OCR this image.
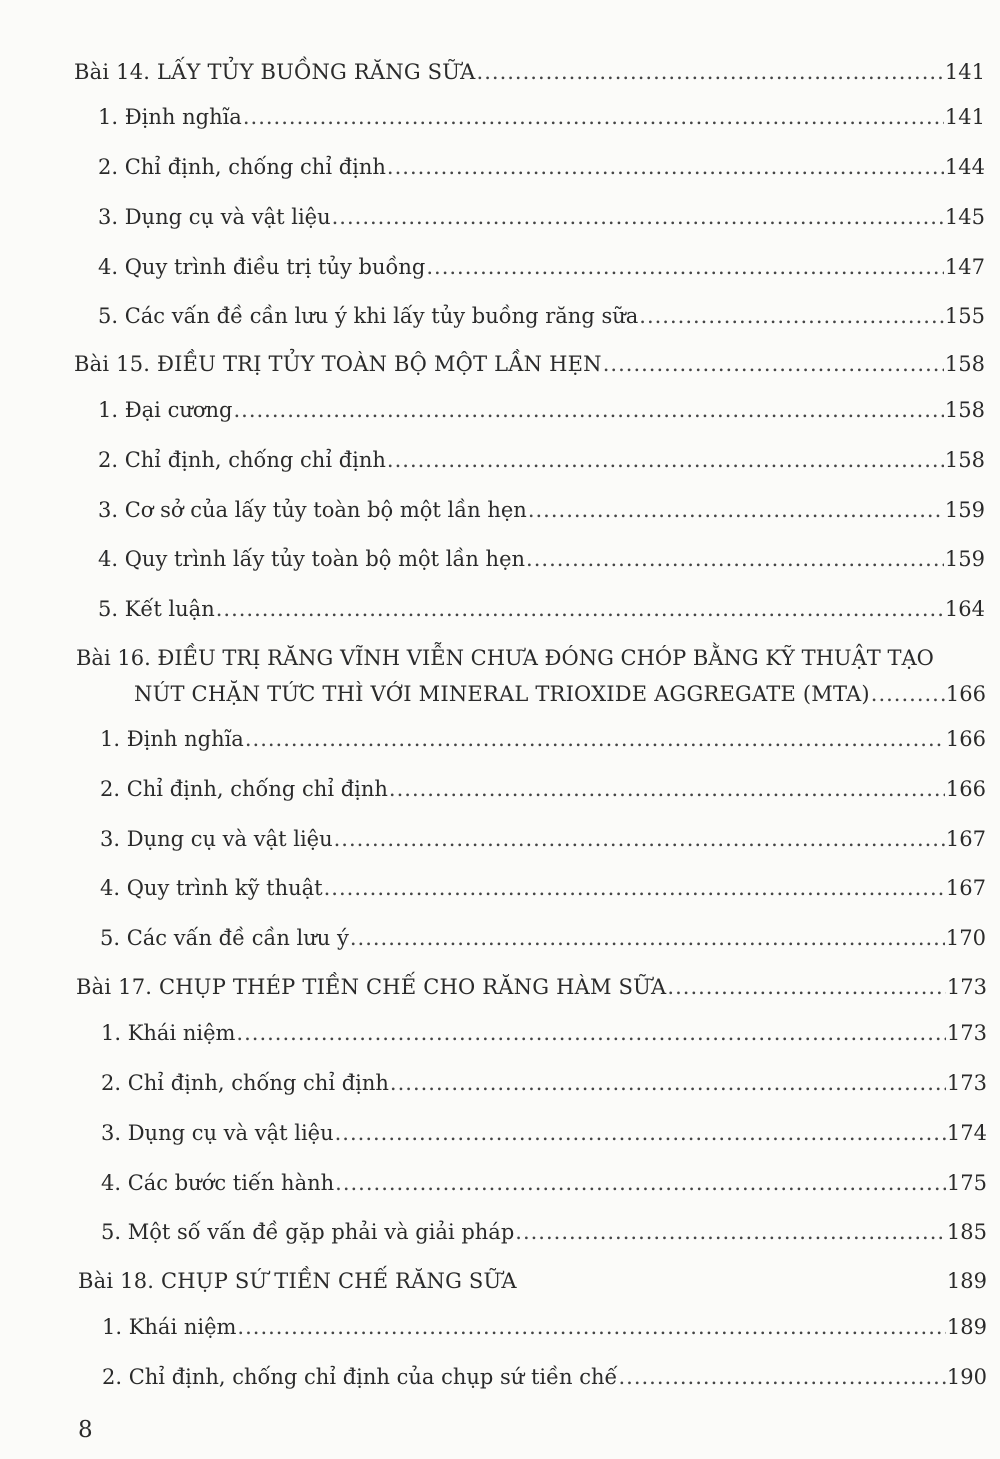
Bài 14. LẤY TỦY BUỒNG RĂNG SỮA .....	141
1. Định nghĩa .....	141
2. Chỉ định, chống chỉ định .....	144
3. Dụng cụ và vật liệu .....	145
4. Quy trình điều trị tủy buồng .....	147
5. Các vấn đề cần lưu ý khi lấy tủy buồng răng sữa .....	155
Bài 15. ĐIỀU TRỊ TỦY TOÀN BỘ MỘT LẦN HẸN .....	158
1. Đại cương .....	158
2. Chỉ định, chống chỉ định .....	158
3. Cơ sở của lấy tủy toàn bộ một lần hẹn .....	159
4. Quy trình lấy tủy toàn bộ một lần hẹn .....	159
5. Kết luận .....	164
Bài 16. ĐIỀU TRỊ RĂNG VĨNH VIỄN CHƯA ĐÓNG CHÓP BẰNG KỸ THUẬT TẠO
NÚT CHẶN TỨC THÌ VỚI MINERAL TRIOXIDE AGGREGATE (MTA) .....	166
1. Định nghĩa .....	166
2. Chỉ định, chống chỉ định .....	166
3. Dụng cụ và vật liệu .....	167
4. Quy trình kỹ thuật .....	167
5. Các vấn đề cần lưu ý .....	170
Bài 17. CHỤP THÉP TIỀN CHẾ CHO RĂNG HÀM SỮA .....	173
1. Khái niệm .....	173
2. Chỉ định, chống chỉ định .....	173
3. Dụng cụ và vật liệu .....	174
4. Các bước tiến hành .....	175
5. Một số vấn đề gặp phải và giải pháp .....	185
Bài 18. CHỤP SỨ TIỀN CHẾ RĂNG SỮA	189
1. Khái niệm .....	189
2. Chỉ định, chống chỉ định của chụp sứ tiền chế .....	190
8
